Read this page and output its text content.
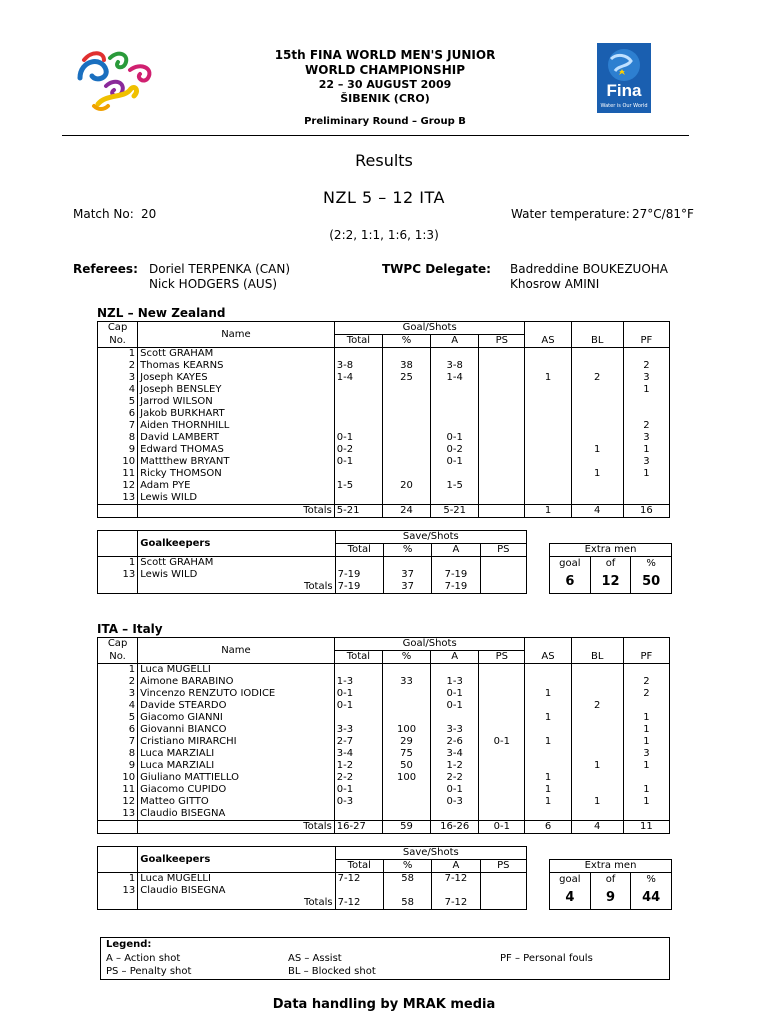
15th FINA WORLD MEN'S JUNIOR
WORLD CHAMPIONSHIP
22 – 30 AUGUST 2009
ŠIBENIK (CRO)
Preliminary Round – Group B
Fina
Water is Our World
Results
NZL 5 – 12 ITA
Match No: 20	Water temperature: 27°C/81°F
(2:2, 1:1, 1:6, 1:3)
Referees: Doriel TERPENKA (CAN)
Nick HODGERS (AUS)
TWPC Delegate: Badreddine BOUKEZUOHA
Khosrow AMINI
NZL – New Zealand
Cap	Name	Goal/Shots						
No.		Total	%	A	PS	AS	BL	PF
1	Scott GRAHAM							
2	Thomas KEARNS	3-8	38	3-8				2
3	Joseph KAYES	1-4	25	1-4		1	2	3
4	Joseph BENSLEY							1
5	Jarrod WILSON							
6	Jakob BURKHART							
7	Aiden THORNHILL							2
8	David LAMBERT	0-1		0-1				3
9	Edward THOMAS	0-2		0-2			1	1
10	Mattthew BRYANT	0-1		0-1				3
11	Ricky THOMSON						1	1
12	Adam PYE	1-5	20	1-5				
13	Lewis WILD							
	Totals	5-21	24	5-21		1	4	16
	Goalkeepers	Save/Shots			
		Total	%	A	PS
1	Scott GRAHAM				
13	Lewis WILD	7-19	37	7-19	
	Totals	7-19	37	7-19	
Extra men
goal	of	%
6	12	50
ITA – Italy
Cap	Name	Goal/Shots						
No.		Total	%	A	PS	AS	BL	PF
1	Luca MUGELLI							
2	Aimone BARABINO	1-3	33	1-3				2
3	Vincenzo RENZUTO IODICE	0-1		0-1		1		2
4	Davide STEARDO	0-1		0-1			2	
5	Giacomo GIANNI					1		1
6	Giovanni BIANCO	3-3	100	3-3				1
7	Cristiano MIRARCHI	2-7	29	2-6	0-1	1		1
8	Luca MARZIALI	3-4	75	3-4				3
9	Luca MARZIALI	1-2	50	1-2			1	1
10	Giuliano MATTIELLO	2-2	100	2-2		1		
11	Giacomo CUPIDO	0-1		0-1		1		1
12	Matteo GITTO	0-3		0-3		1	1	1
13	Claudio BISEGNA							
	Totals	16-27	59	16-26	0-1	6	4	11
	Goalkeepers	Save/Shots			
		Total	%	A	PS
1	Luca MUGELLI	7-12	58	7-12	
13	Claudio BISEGNA				
	Totals	7-12	58	7-12	
Extra men
goal	of	%
4	9	44
Legend:
A – Action shot
PS – Penalty shot
AS – Assist
BL – Blocked shot
PF – Personal fouls
Data handling by MRAK media
